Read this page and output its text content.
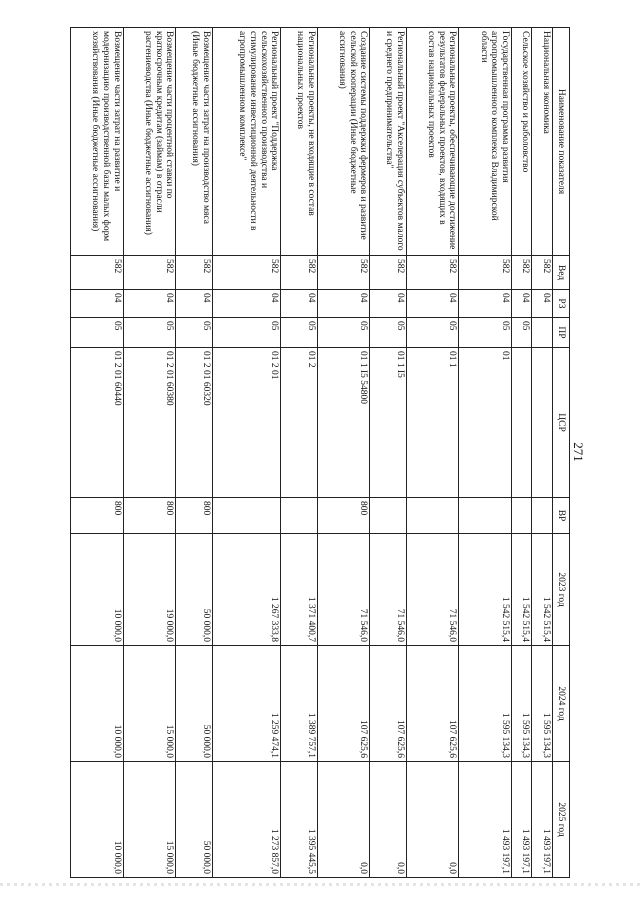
271
Наименование показателя	Вед	РЗ	ПР	ЦСР	ВР	2023 год	2024 год	2025 год
Национальная экономика	582	04				1 542 515,4	1 595 134,3	1 493 197,1
Сельское хозяйство и рыболовство	582	04	05			1 542 515,4	1 595 134,3	1 493 197,1
Государственная программа развития агропромышленного комплекса Владимирской области	582	04	05	01		1 542 515,4	1 595 134,3	1 493 197,1
Региональные проекты, обеспечивающие достижение результатов федеральных проектов, входящих в состав национальных проектов	582	04	05	01 1		71 546,0	107 625,6	0,0
Региональный проект "Акселерация субъектов малого и среднего предпринимательства"	582	04	05	01 1 I5		71 546,0	107 625,6	0,0
Создание системы поддержки фермеров и развитие сельской кооперации (Иные бюджетные ассигнования)	582	04	05	01 1 I5 54800	800	71 546,0	107 625,6	0,0
Региональные проекты, не входящие в состав национальных проектов	582	04	05	01 2		1 371 400,7	1 389 757,1	1 395 445,5
Региональный проект "Поддержка сельскохозяйственного производства и стимулирование инвестиционной деятельности в агропромышленном комплексе"	582	04	05	01 2 01		1 267 333,8	1 259 474,1	1 273 857,0
Возмещение части затрат на производство мяса (Иные бюджетные ассигнования)	582	04	05	01 2 01 60320	800	50 000,0	50 000,0	50 000,0
Возмещение части процентной ставки по краткосрочным кредитам (займам) в отрасли растениеводства (Иные бюджетные ассигнования)	582	04	05	01 2 01 60380	800	19 000,0	15 000,0	15 000,0
Возмещение части затрат на развитие и модернизацию производственной базы малых форм хозяйствования (Иные бюджетные ассигнования)	582	04	05	01 2 01 60440	800	10 000,0	10 000,0	10 000,0
